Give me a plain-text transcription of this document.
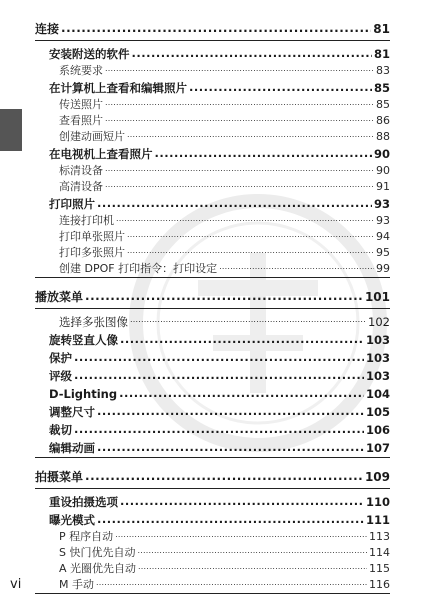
连接 .....	81
安装附送的软件 .....	81
系统要求 .....	83
在计算机上查看和编辑照片 .....	85
传送照片 .....	85
查看照片 .....	86
创建动画短片 .....	88
在电视机上查看照片 .....	90
标清设备 .....	90
高清设备 .....	91
打印照片 .....	93
连接打印机 .....	93
打印单张照片 .....	94
打印多张照片 .....	95
创建 DPOF 打印指令：打印设定 .....	99
播放菜单 .....	101
选择多张图像 .....	102
旋转竖直人像 .....	103
保护 .....	103
评级 .....	103
D-Lighting .....	104
调整尺寸 .....	105
裁切 .....	106
编辑动画 .....	107
拍摄菜单 .....	109
重设拍摄选项 .....	110
曝光模式 .....	111
P 程序自动 .....	113
S 快门优先自动 .....	114
A 光圈优先自动 .....	115
M 手动 .....	116
vi
